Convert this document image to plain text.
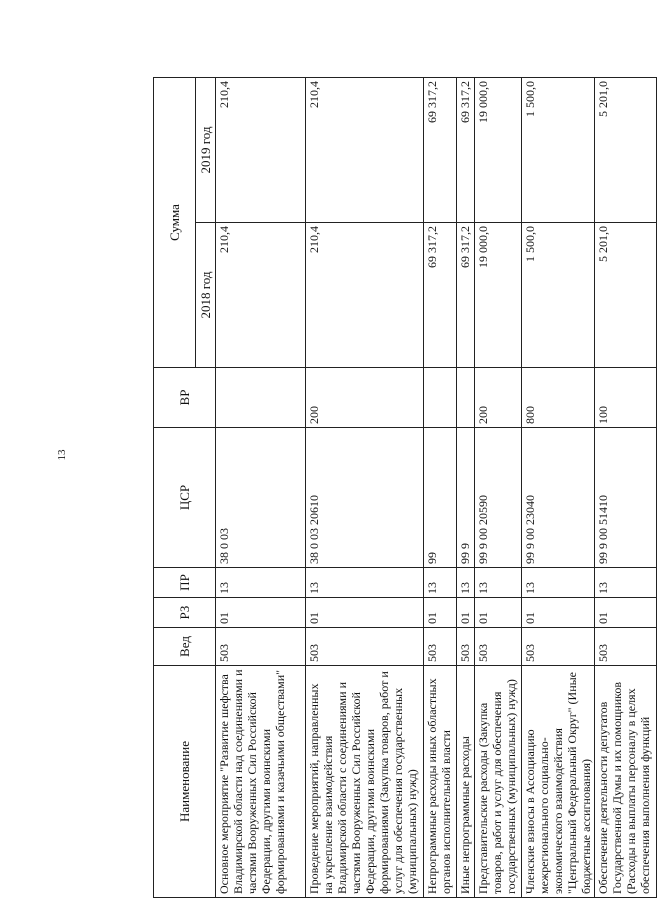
13
Наименование	Вед	РЗ	ПР	ЦСР	ВР	Сумма	
						2018 год	2019 год
Основное мероприятие "Развитие шефства Владимирской области над соединениями и частями Вооруженных Сил Российской Федерации, другими воинскими формированиями и казачьими обществами"	503	01	13	38 0 03		210,4	210,4
Проведение мероприятий, направленных на укрепление взаимодействия Владимирской области с соединениями и частями Вооруженных Сил Российской Федерации, другими воинскими формированиями (Закупка товаров, работ и услуг для обеспечения государственных (муниципальных) нужд)	503	01	13	38 0 03 20610	200	210,4	210,4
Непрограммные расходы иных областных органов исполнительной власти	503	01	13	99		69 317,2	69 317,2
Иные непрограммные расходы	503	01	13	99 9		69 317,2	69 317,2
Представительские расходы (Закупка товаров, работ и услуг для обеспечения государственных (муниципальных) нужд)	503	01	13	99 9 00 20590	200	19 000,0	19 000,0
Членские взносы в Ассоциацию межрегионального социально-экономического взаимодействия "Центральный Федеральный Округ" (Иные бюджетные ассигнования)	503	01	13	99 9 00 23040	800	1 500,0	1 500,0
Обеспечение деятельности депутатов Государственной Думы и их помощников (Расходы на выплаты персоналу в целях обеспечения выполнения функций	503	01	13	99 9 00 51410	100	5 201,0	5 201,0
